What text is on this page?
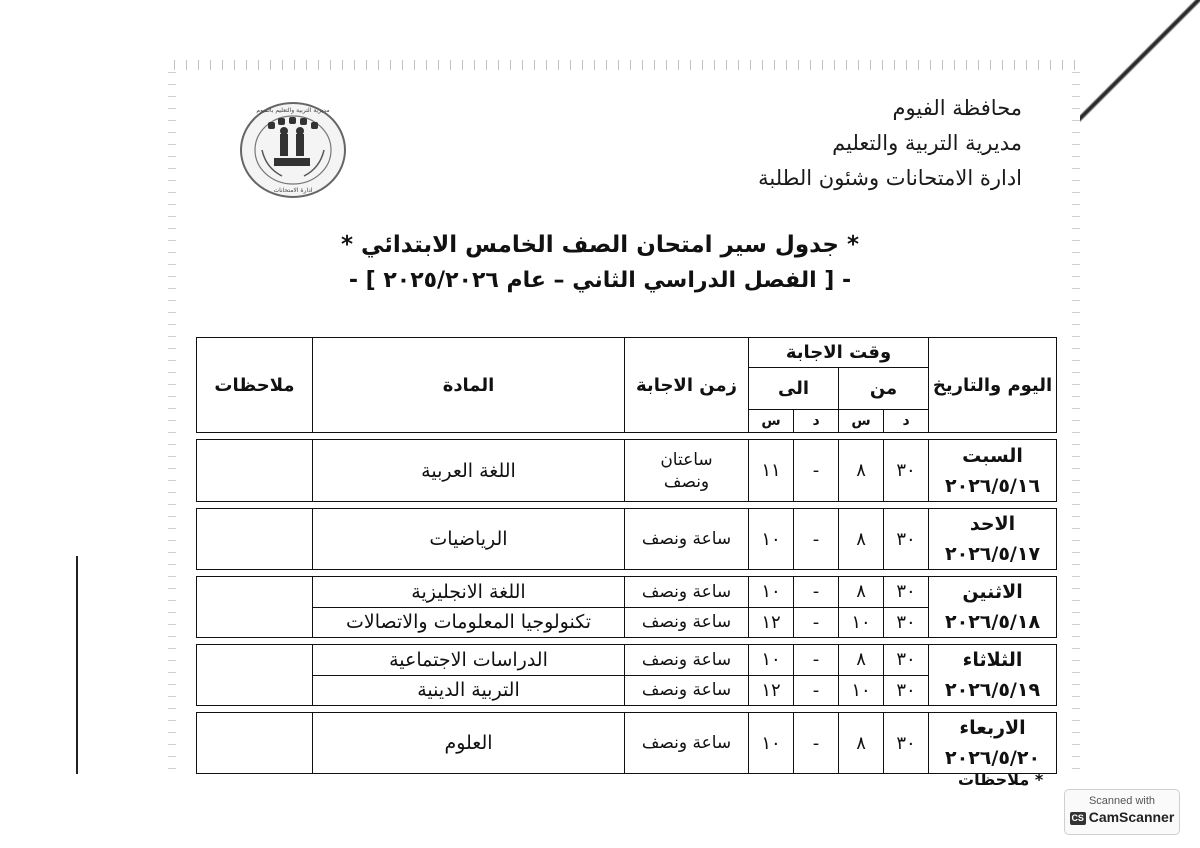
محافظة الفيوم
مديرية التربية والتعليم
ادارة الامتحانات وشئون الطلبة
مديرية التربية والتعليم بالفيوم
ادارة الامتحانات
* جدول سير امتحان الصف الخامس الابتدائي *
- [ الفصل الدراسي الثاني – عام ٢٠٢٥/٢٠٢٦ ] -
اليوم والتاريخ	وقت الاجابة				زمن الاجابة	المادة	ملاحظات
	من		الى				
	د	س	د	س			

السبت
٢٠٢٦/٥/١٦	٣٠	٨	-	١١	ساعتان ونصف	اللغة العربية	

الاحد
٢٠٢٦/٥/١٧	٣٠	٨	-	١٠	ساعة ونصف	الرياضيات	

الاثنين
٢٠٢٦/٥/١٨	٣٠	٨	-	١٠	ساعة ونصف	اللغة الانجليزية	
	٣٠	١٠	-	١٢	ساعة ونصف	تكنولوجيا المعلومات والاتصالات	

الثلاثاء
٢٠٢٦/٥/١٩	٣٠	٨	-	١٠	ساعة ونصف	الدراسات الاجتماعية	
	٣٠	١٠	-	١٢	ساعة ونصف	التربية الدينية	

الاربعاء
٢٠٢٦/٥/٢٠	٣٠	٨	-	١٠	ساعة ونصف	العلوم	
* ملاحظات
Scanned with
CS CamScanner
